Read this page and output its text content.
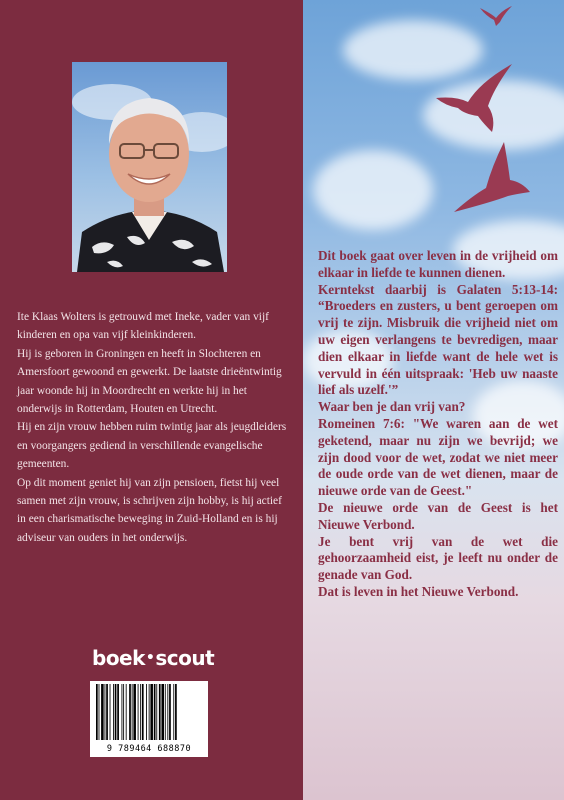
Ite Klaas Wolters is getrouwd met Ineke, vader van vijf kinderen en opa van vijf kleinkinderen.

Hij is geboren in Groningen en heeft in Slochteren en Amersfoort gewoond en gewerkt. De laatste drieëntwintig jaar woonde hij in Moordrecht en werkte hij in het onderwijs in Rotterdam, Houten en Utrecht.

Hij en zijn vrouw hebben ruim twintig jaar als jeugdleiders en voorgangers gediend in verschillende evangelische gemeenten.

Op dit moment geniet hij van zijn pensioen, fietst hij veel samen met zijn vrouw, is schrijven zijn hobby, is hij actief in een charismatische beweging in Zuid-Holland en is hij adviseur van ouders in het onderwijs.

boek•scout
9 789464 688870

Dit boek gaat over leven in de vrijheid om elkaar in liefde te kunnen dienen.

Kerntekst daarbij is Galaten 5:13-14: “Broeders en zusters, u bent geroepen om vrij te zijn. Misbruik die vrijheid niet om uw eigen verlangens te bevredigen, maar dien elkaar in liefde want de hele wet is vervuld in één uitspraak: 'Heb uw naaste lief als uzelf.'”

Waar ben je dan vrij van?

Romeinen 7:6: "We waren aan de wet geketend, maar nu zijn we bevrijd; we zijn dood voor de wet, zodat we niet meer de oude orde van de wet dienen, maar de nieuwe orde van de Geest."

De nieuwe orde van de Geest is het Nieuwe Verbond.

Je bent vrij van de wet die gehoorzaamheid eist, je leeft nu onder de genade van God.

Dat is leven in het Nieuwe Verbond.
